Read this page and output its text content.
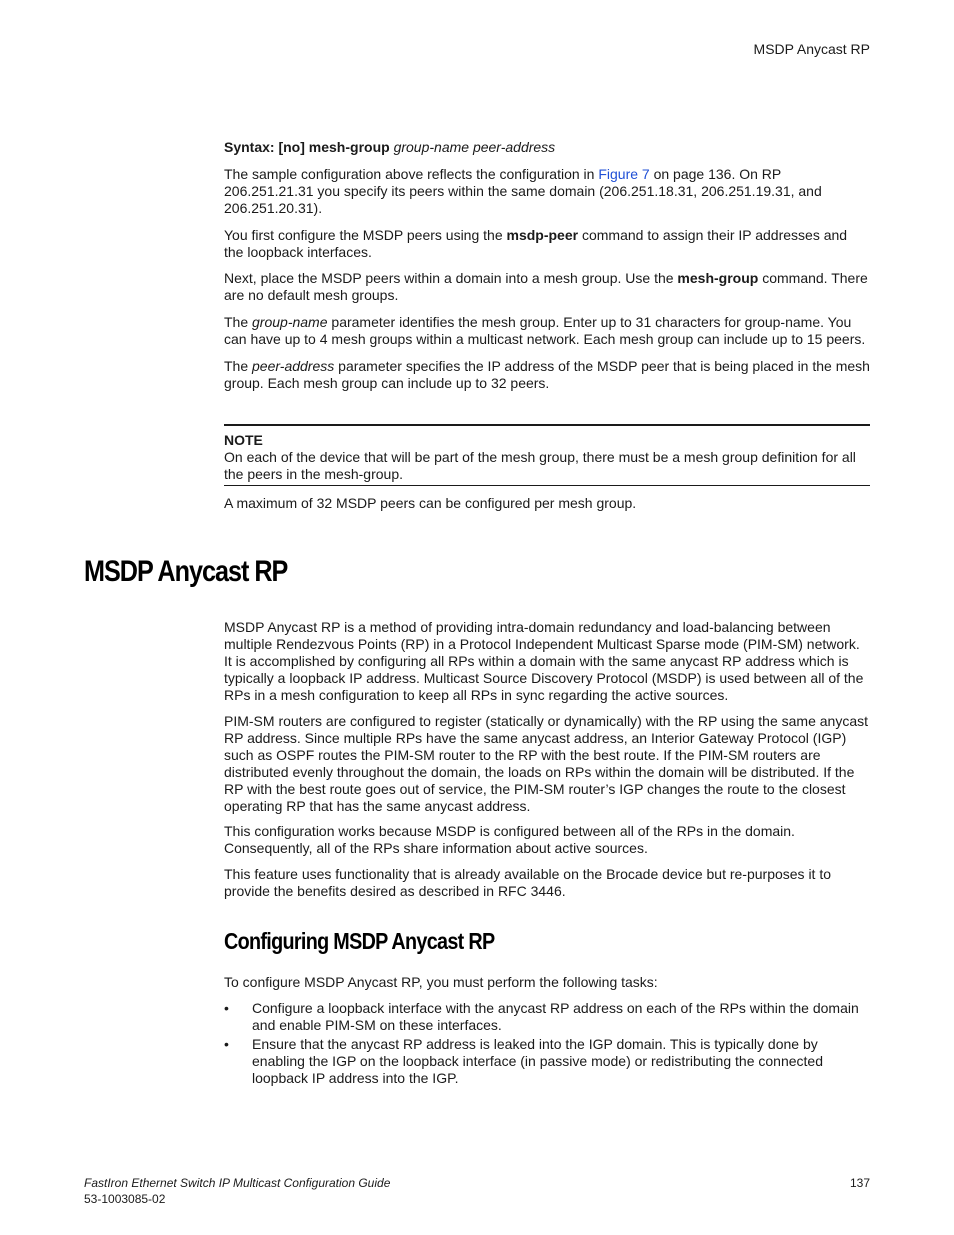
MSDP Anycast RP
Syntax: [no] mesh-group group-name peer-address

The sample configuration above reflects the configuration in Figure 7 on page 136. On RP 206.251.21.31 you specify its peers within the same domain (206.251.18.31, 206.251.19.31, and 206.251.20.31).

You first configure the MSDP peers using the msdp-peer command to assign their IP addresses and the loopback interfaces.

Next, place the MSDP peers within a domain into a mesh group. Use the mesh-group command. There are no default mesh groups.

The group-name parameter identifies the mesh group. Enter up to 31 characters for group-name. You can have up to 4 mesh groups within a multicast network. Each mesh group can include up to 15 peers.

The peer-address parameter specifies the IP address of the MSDP peer that is being placed in the mesh group. Each mesh group can include up to 32 peers.

NOTE
On each of the device that will be part of the mesh group, there must be a mesh group definition for all the peers in the mesh-group.
A maximum of 32 MSDP peers can be configured per mesh group.
MSDP Anycast RP
MSDP Anycast RP is a method of providing intra-domain redundancy and load-balancing between multiple Rendezvous Points (RP) in a Protocol Independent Multicast Sparse mode (PIM-SM) network. It is accomplished by configuring all RPs within a domain with the same anycast RP address which is typically a loopback IP address. Multicast Source Discovery Protocol (MSDP) is used between all of the RPs in a mesh configuration to keep all RPs in sync regarding the active sources.
PIM-SM routers are configured to register (statically or dynamically) with the RP using the same anycast RP address. Since multiple RPs have the same anycast address, an Interior Gateway Protocol (IGP) such as OSPF routes the PIM-SM router to the RP with the best route. If the PIM-SM routers are distributed evenly throughout the domain, the loads on RPs within the domain will be distributed. If the RP with the best route goes out of service, the PIM-SM router’s IGP changes the route to the closest operating RP that has the same anycast address.
This configuration works because MSDP is configured between all of the RPs in the domain. Consequently, all of the RPs share information about active sources.
This feature uses functionality that is already available on the Brocade device but re-purposes it to provide the benefits desired as described in RFC 3446.
Configuring MSDP Anycast RP
To configure MSDP Anycast RP, you must perform the following tasks:
•	Configure a loopback interface with the anycast RP address on each of the RPs within the domain and enable PIM-SM on these interfaces.
•	Ensure that the anycast RP address is leaked into the IGP domain. This is typically done by enabling the IGP on the loopback interface (in passive mode) or redistributing the connected loopback IP address into the IGP.
FastIron Ethernet Switch IP Multicast Configuration Guide
53-1003085-02
137
